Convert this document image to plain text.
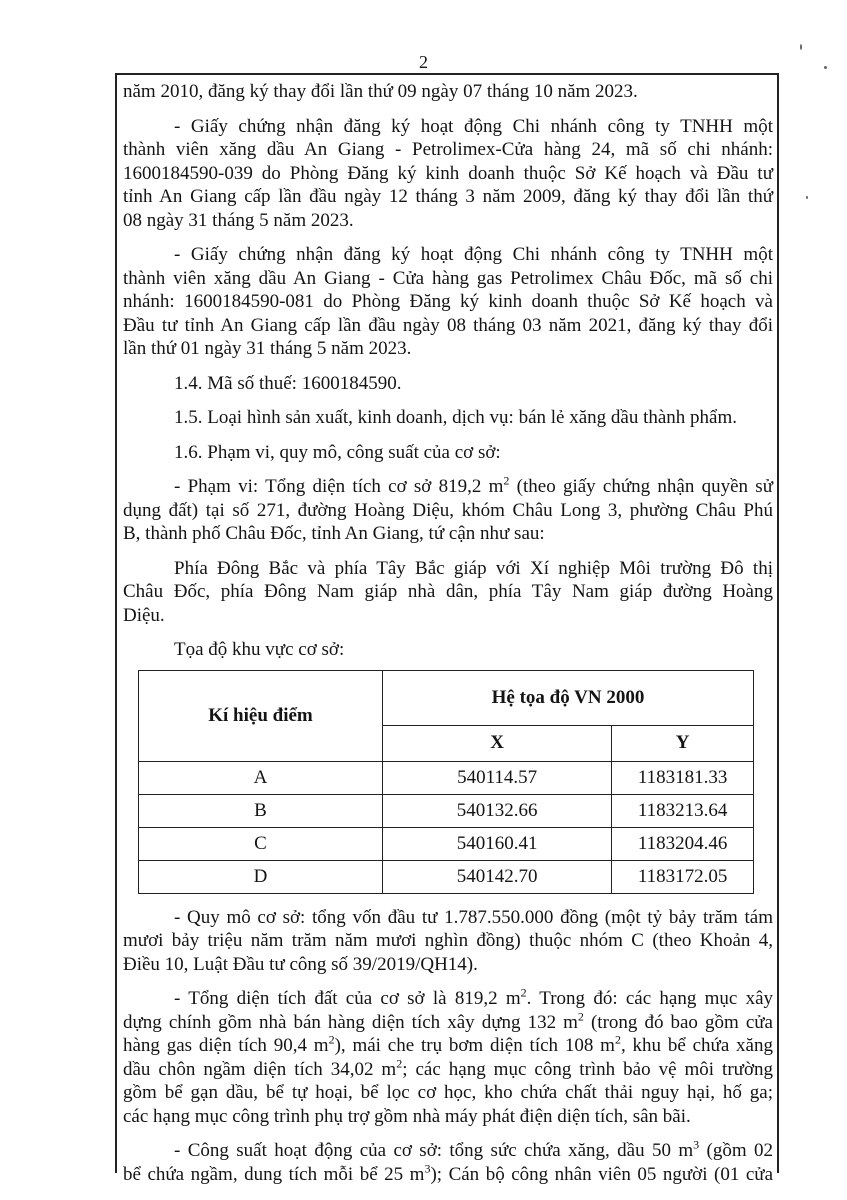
2
năm 2010, đăng ký thay đổi lần thứ 09 ngày 07 tháng 10 năm 2023.
- Giấy chứng nhận đăng ký hoạt động Chi nhánh công ty TNHH một
thành viên xăng dầu An Giang - Petrolimex-Cửa hàng 24, mã số chi nhánh:
1600184590-039 do Phòng Đăng ký kinh doanh thuộc Sở Kế hoạch và Đầu tư
tỉnh An Giang cấp lần đầu ngày 12 tháng 3 năm 2009, đăng ký thay đổi lần thứ
08 ngày 31 tháng 5 năm 2023.
- Giấy chứng nhận đăng ký hoạt động Chi nhánh công ty TNHH một
thành viên xăng dầu An Giang - Cửa hàng gas Petrolimex Châu Đốc, mã số chi
nhánh: 1600184590-081 do Phòng Đăng ký kinh doanh thuộc Sở Kế hoạch và
Đầu tư tỉnh An Giang cấp lần đầu ngày 08 tháng 03 năm 2021, đăng ký thay đổi
lần thứ 01 ngày 31 tháng 5 năm 2023.
1.4. Mã số thuế: 1600184590.
1.5. Loại hình sản xuất, kinh doanh, dịch vụ: bán lẻ xăng dầu thành phẩm.
1.6. Phạm vi, quy mô, công suất của cơ sở:
- Phạm vi: Tổng diện tích cơ sở 819,2 $m^2$ (theo giấy chứng nhận quyền sử
dụng đất) tại số 271, đường Hoàng Diệu, khóm Châu Long 3, phường Châu Phú
B, thành phố Châu Đốc, tỉnh An Giang, tứ cận như sau:
Phía Đông Bắc và phía Tây Bắc giáp với Xí nghiệp Môi trường Đô thị
Châu Đốc, phía Đông Nam giáp nhà dân, phía Tây Nam giáp đường Hoàng
Diệu.
Tọa độ khu vực cơ sở:
Kí hiệu điểm	Hệ tọa độ VN 2000	
	X	Y
A	540114.57	1183181.33
B	540132.66	1183213.64
C	540160.41	1183204.46
D	540142.70	1183172.05
- Quy mô cơ sở: tổng vốn đầu tư 1.787.550.000 đồng (một tỷ bảy trăm tám
mươi bảy triệu năm trăm năm mươi nghìn đồng) thuộc nhóm C (theo Khoản 4,
Điều 10, Luật Đầu tư công số 39/2019/QH14).
- Tổng diện tích đất của cơ sở là 819,2 $m^2$. Trong đó: các hạng mục xây
dựng chính gồm nhà bán hàng diện tích xây dựng 132 $m^2$ (trong đó bao gồm cửa
hàng gas diện tích 90,4 $m^2$), mái che trụ bơm diện tích 108 $m^2$, khu bể chứa xăng
dầu chôn ngầm diện tích 34,02 $m^2$; các hạng mục công trình bảo vệ môi trường
gồm bể gạn dầu, bể tự hoại, bể lọc cơ học, kho chứa chất thải nguy hại, hố ga;
các hạng mục công trình phụ trợ gồm nhà máy phát điện diện tích, sân bãi.
- Công suất hoạt động của cơ sở: tổng sức chứa xăng, dầu 50 $m^3$ (gồm 02
bể chứa ngầm, dung tích mỗi bể 25 $m^3$); Cán bộ công nhân viên 05 người (01 cửa
